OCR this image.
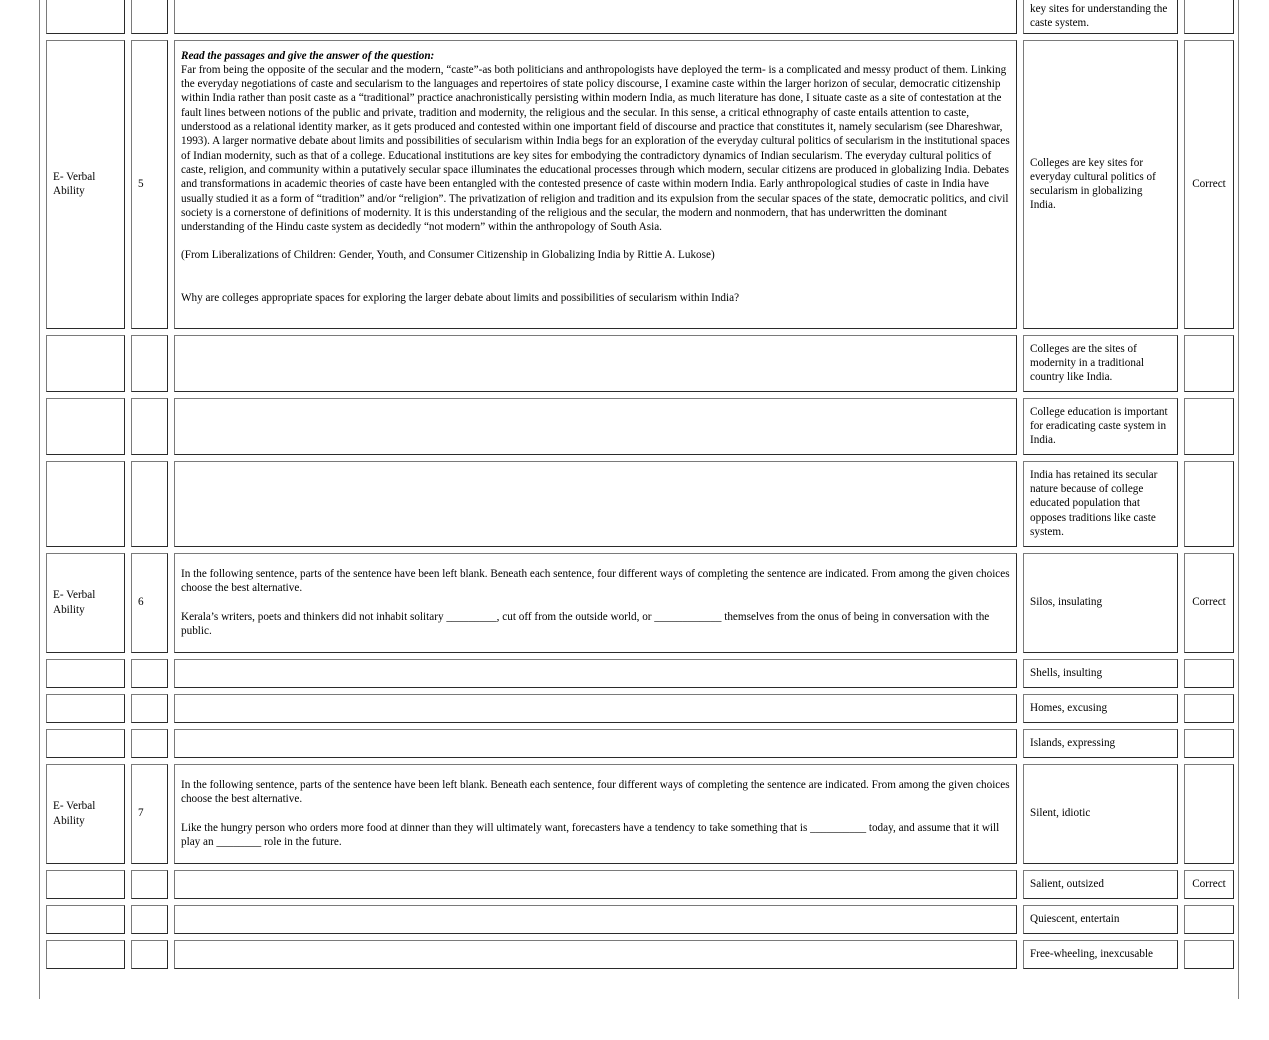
			key sites for understanding the caste system.	

E- Verbal Ability	5	Read the passages and give the answer of the question:
Far from being the opposite of the secular and the modern, “caste”-as both politicians and anthropologists have deployed the term- is a complicated and messy product of them. Linking the everyday negotiations of caste and secularism to the languages and repertoires of state policy discourse, I examine caste within the larger horizon of secular, democratic citizenship within India rather than posit caste as a “traditional” practice anachronistically persisting within modern India, as much literature has done, I situate caste as a site of contestation at the fault lines between notions of the public and private, tradition and modernity, the religious and the secular. In this sense, a critical ethnography of caste entails attention to caste, understood as a relational identity marker, as it gets produced and contested within one important field of discourse and practice that constitutes it, namely secularism (see Dhareshwar, 1993). A larger normative debate about limits and possibilities of secularism within India begs for an exploration of the everyday cultural politics of secularism in the institutional spaces of Indian modernity, such as that of a college. Educational institutions are key sites for embodying the contradictory dynamics of Indian secularism. The everyday cultural politics of caste, religion, and community within a putatively secular space illuminates the educational processes through which modern, secular citizens are produced in globalizing India. Debates and transformations in academic theories of caste have been entangled with the contested presence of caste within modern India. Early anthropological studies of caste in India have usually studied it as a form of “tradition” and/or “religion”. The privatization of religion and tradition and its expulsion from the secular spaces of the state, democratic politics, and civil society is a cornerstone of definitions of modernity. It is this understanding of the religious and the secular, the modern and nonmodern, that has underwritten the dominant understanding of the Hindu caste system as decidedly “not modern” within the anthropology of South Asia.
(From Liberalizations of Children: Gender, Youth, and Consumer Citizenship in Globalizing India by Rittie A. Lukose)
Why are colleges appropriate spaces for exploring the larger debate about limits and possibilities of secularism within India?	Colleges are key sites for everyday cultural politics of secularism in globalizing India.	Correct

			Colleges are the sites of modernity in a traditional country like India.	

			College education is important for eradicating caste system in India.	

			India has retained its secular nature because of college educated population that opposes traditions like caste system.	

E- Verbal Ability	6	In the following sentence, parts of the sentence have been left blank. Beneath each sentence, four different ways of completing the sentence are indicated. From among the given choices choose the best alternative.
Kerala’s writers, poets and thinkers did not inhabit solitary _________, cut off from the outside world, or ____________ themselves from the onus of being in conversation with the public.	Silos, insulating	Correct

			Shells, insulting	

			Homes, excusing	

			Islands, expressing	

E- Verbal Ability	7	In the following sentence, parts of the sentence have been left blank. Beneath each sentence, four different ways of completing the sentence are indicated. From among the given choices choose the best alternative.
Like the hungry person who orders more food at dinner than they will ultimately want, forecasters have a tendency to take something that is __________ today, and assume that it will play an ________ role in the future.	Silent, idiotic	

			Salient, outsized	Correct

			Quiescent, entertain	

			Free-wheeling, inexcusable	
